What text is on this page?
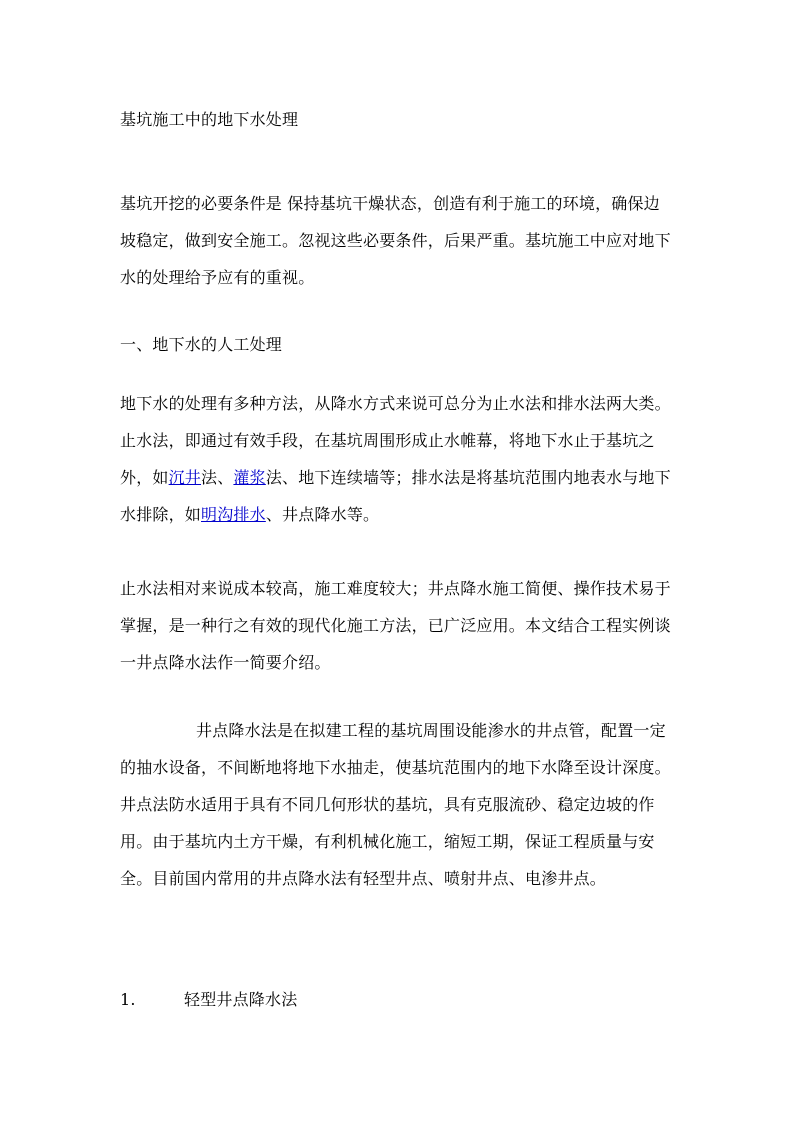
基坑施工中的地下水处理

基坑开挖的必要条件是 保持基坑干燥状态，创造有利于施工的环境，确保边坡稳定，做到安全施工。忽视这些必要条件，后果严重。基坑施工中应对地下水的处理给予应有的重视。

一、地下水的人工处理

地下水的处理有多种方法，从降水方式来说可总分为止水法和排水法两大类。止水法，即通过有效手段，在基坑周围形成止水帷幕，将地下水止于基坑之外，如沉井法、灌浆法、地下连续墙等；排水法是将基坑范围内地表水与地下水排除，如明沟排水、井点降水等。

止水法相对来说成本较高，施工难度较大；井点降水施工简便、操作技术易于掌握，是一种行之有效的现代化施工方法，已广泛应用。本文结合工程实例谈一井点降水法作一简要介绍。

井点降水法是在拟建工程的基坑周围设能渗水的井点管，配置一定的抽水设备，不间断地将地下水抽走，使基坑范围内的地下水降至设计深度。井点法防水适用于具有不同几何形状的基坑，具有克服流砂、稳定边坡的作用。由于基坑内土方干燥，有利机械化施工，缩短工期，保证工程质量与安全。目前国内常用的井点降水法有轻型井点、喷射井点、电渗井点。

1.	轻型井点降水法
